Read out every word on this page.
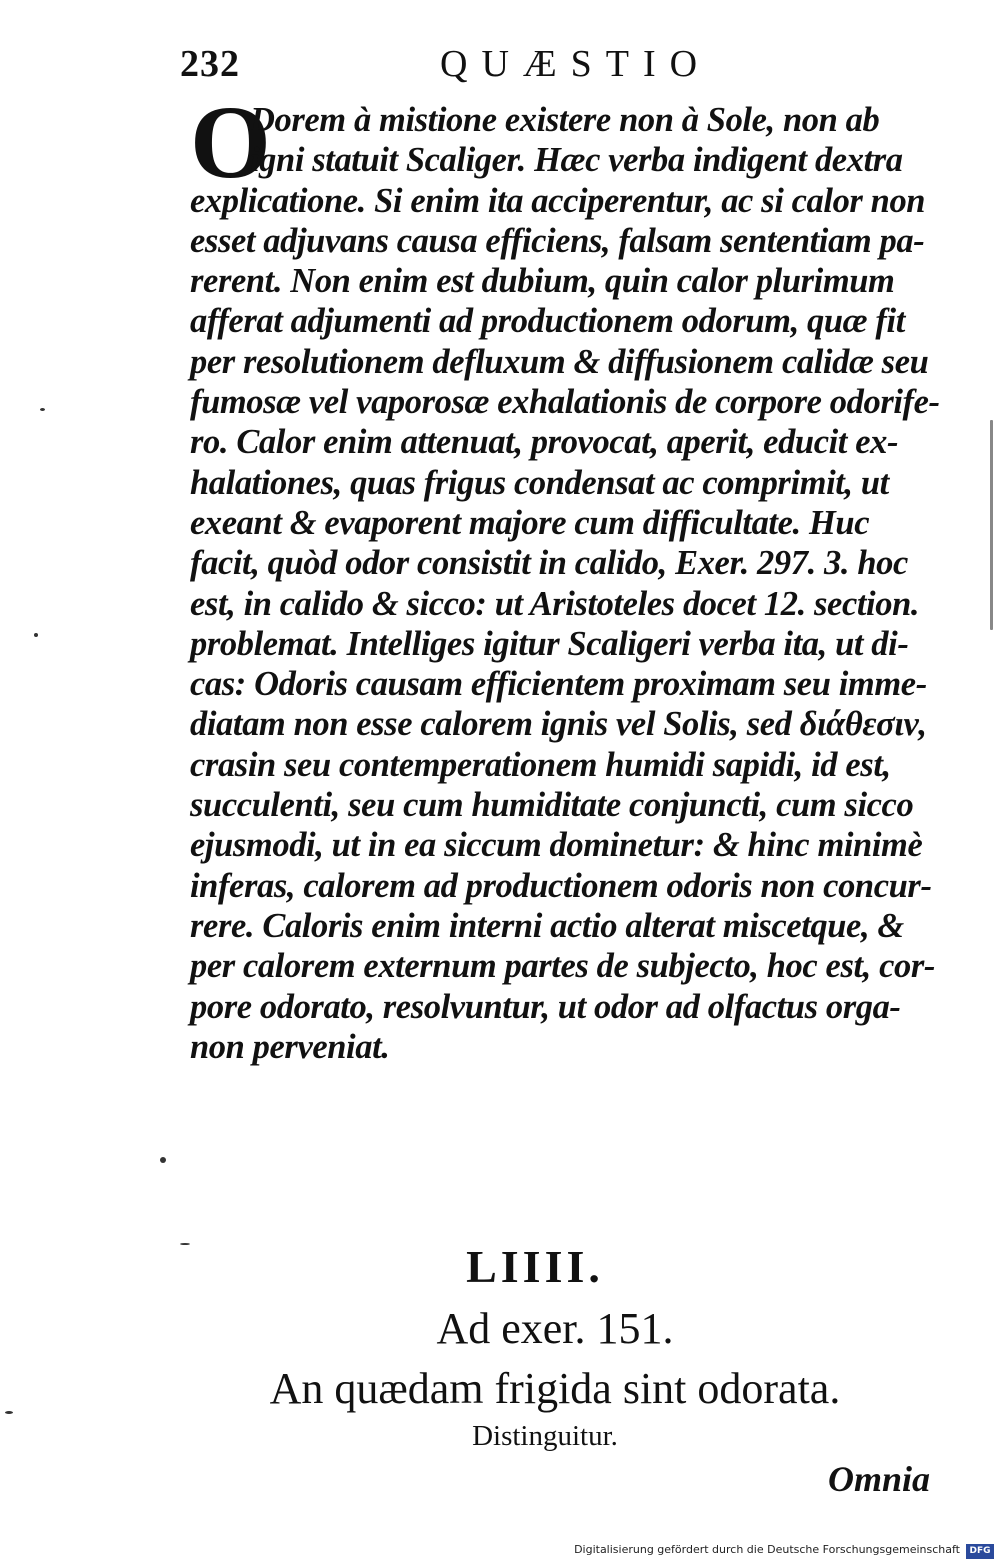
232	QUÆSTIO
O
Dorem à mistione existere non à Sole, non ab
igni statuit Scaliger. Hæc verba indigent dextra
explicatione. Si enim ita acciperentur, ac si calor non
esset adjuvans causa efficiens, falsam sententiam pa-
rerent. Non enim est dubium, quin calor plurimum
afferat adjumenti ad productionem odorum, quæ fit
per resolutionem defluxum & diffusionem calidæ seu
fumosæ vel vaporosæ exhalationis de corpore odorife-
ro. Calor enim attenuat, provocat, aperit, educit ex-
halationes, quas frigus condensat ac comprimit, ut
exeant & evaporent majore cum difficultate. Huc
facit, quòd odor consistit in calido, Exer. 297. 3. hoc
est, in calido & sicco: ut Aristoteles docet 12. section.
problemat. Intelliges igitur Scaligeri verba ita, ut di-
cas: Odoris causam efficientem proximam seu imme-
diatam non esse calorem ignis vel Solis, sed διάθεσιν,
crasin seu contemperationem humidi sapidi, id est,
succulenti, seu cum humiditate conjuncti, cum sicco
ejusmodi, ut in ea siccum dominetur: & hinc minimè
inferas, calorem ad productionem odoris non concur-
rere. Caloris enim interni actio alterat miscetque, &
per calorem externum partes de subjecto, hoc est, cor-
pore odorato, resolvuntur, ut odor ad olfactus orga-
non perveniat.
LIIII.
Ad exer. 151.
An quædam frigida sint odorata.
Distinguitur.
Omnia
Digitalisierung gefördert durch die Deutsche Forschungsgemeinschaft	DFG
